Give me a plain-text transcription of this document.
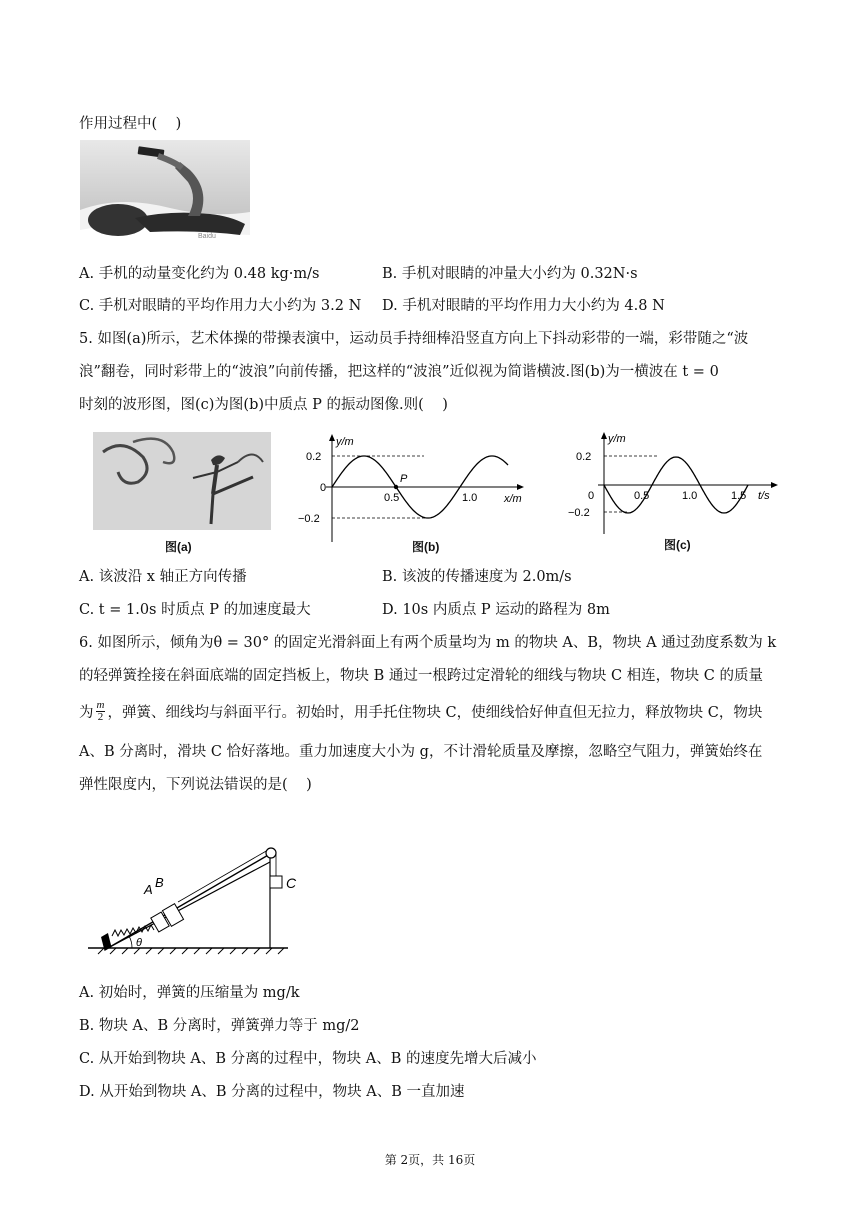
作用过程中(    )
Baidu
A. 手机的动量变化约为 0.48 kg·m/s	B. 手机对眼睛的冲量大小约为 0.32N·s
C. 手机对眼睛的平均作用力大小约为 3.2 N D. 手机对眼睛的平均作用力大小约为 4.8 N
5. 如图(a)所示，艺术体操的带操表演中，运动员手持细棒沿竖直方向上下抖动彩带的一端，彩带随之“波
浪”翻卷，同时彩带上的“波浪”向前传播，把这样的“波浪”近似视为简谐横波.图(b)为一横波在 t = 0
时刻的波形图，图(c)为图(b)中质点 P 的振动图像.则(    )
图(a)
y/m
x/m
0.2
0
−0.2
0.5	1.0
P
图(b)
y/m
t/s
0.2
0
−0.2
0.5	1.0	1.5
图(c)
A. 该波沿 x 轴正方向传播	B. 该波的传播速度为 2.0m/s
C. t = 1.0s 时质点 P 的加速度最大	D. 10s 内质点 P 运动的路程为 8m
6. 如图所示，倾角为θ = 30° 的固定光滑斜面上有两个质量均为 m 的物块 A、B，物块 A 通过劲度系数为 k
的轻弹簧拴接在斜面底端的固定挡板上，物块 B 通过一根跨过定滑轮的细线与物块 C 相连，物块 C 的质量
为 $\frac{m}{2}$ ，弹簧、细线均与斜面平行。初始时，用手托住物块 C，使细线恰好伸直但无拉力，释放物块 C，物块
A、B 分离时，滑块 C 恰好落地。重力加速度大小为 g，不计滑轮质量及摩擦，忽略空气阻力，弹簧始终在
弹性限度内，下列说法错误的是(    )
A B	C
θ
A. 初始时，弹簧的压缩量为 mg/k
B. 物块 A、B 分离时，弹簧弹力等于 mg/2
C. 从开始到物块 A、B 分离的过程中，物块 A、B 的速度先增大后减小
D. 从开始到物块 A、B 分离的过程中，物块 A、B 一直加速
第 2页，共 16页
